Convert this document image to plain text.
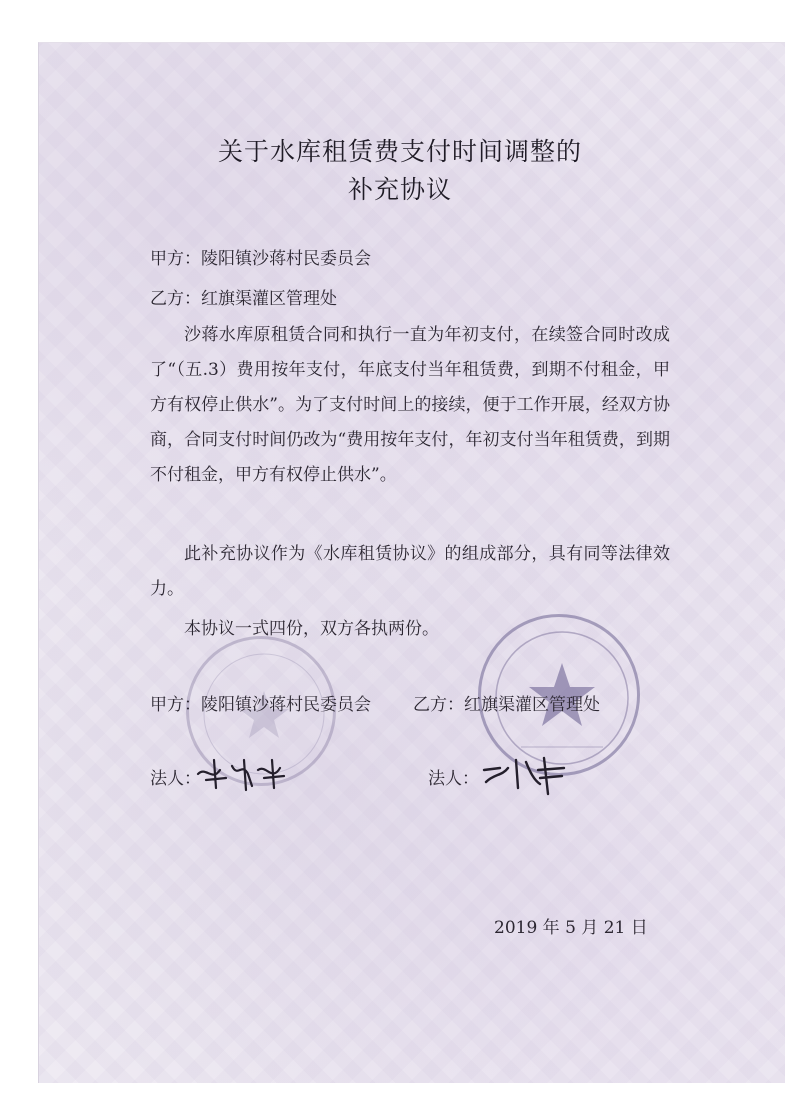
关于水库租赁费支付时间调整的
补充协议
甲方：陵阳镇沙蒋村民委员会
乙方：红旗渠灌区管理处
沙蒋水库原租赁合同和执行一直为年初支付，在续签合同时改成了“（五.3）费用按年支付，年底支付当年租赁费，到期不付租金，甲方有权停止供水”。为了支付时间上的接续，便于工作开展，经双方协商，合同支付时间仍改为“费用按年支付，年初支付当年租赁费，到期不付租金，甲方有权停止供水”。
此补充协议作为《水库租赁协议》的组成部分，具有同等法律效力。
本协议一式四份，双方各执两份。
甲方：陵阳镇沙蒋村民委员会 乙方：红旗渠灌区管理处
法人：	法人：
2019 年 5 月 21 日
